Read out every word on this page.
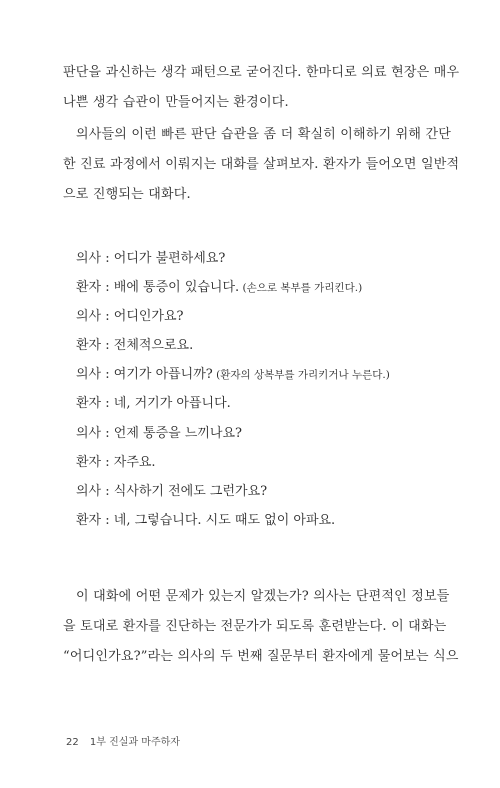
판단을 과신하는 생각 패턴으로 굳어진다. 한마디로 의료 현장은 매우
나쁜 생각 습관이 만들어지는 환경이다.

의사들의 이런 빠른 판단 습관을 좀 더 확실히 이해하기 위해 간단
한 진료 과정에서 이뤄지는 대화를 살펴보자. 환자가 들어오면 일반적
으로 진행되는 대화다.

의사 : 어디가 불편하세요?
환자 : 배에 통증이 있습니다. (손으로 복부를 가리킨다.)
의사 : 어디인가요?
환자 : 전체적으로요.
의사 : 여기가 아픕니까? (환자의 상복부를 가리키거나 누른다.)
환자 : 네, 거기가 아픕니다.
의사 : 언제 통증을 느끼나요?
환자 : 자주요.
의사 : 식사하기 전에도 그런가요?
환자 : 네, 그렇습니다. 시도 때도 없이 아파요.

이 대화에 어떤 문제가 있는지 알겠는가? 의사는 단편적인 정보들
을 토대로 환자를 진단하는 전문가가 되도록 훈련받는다. 이 대화는
“어디인가요?”라는 의사의 두 번째 질문부터 환자에게 물어보는 식으

22 1부 진실과 마주하자
